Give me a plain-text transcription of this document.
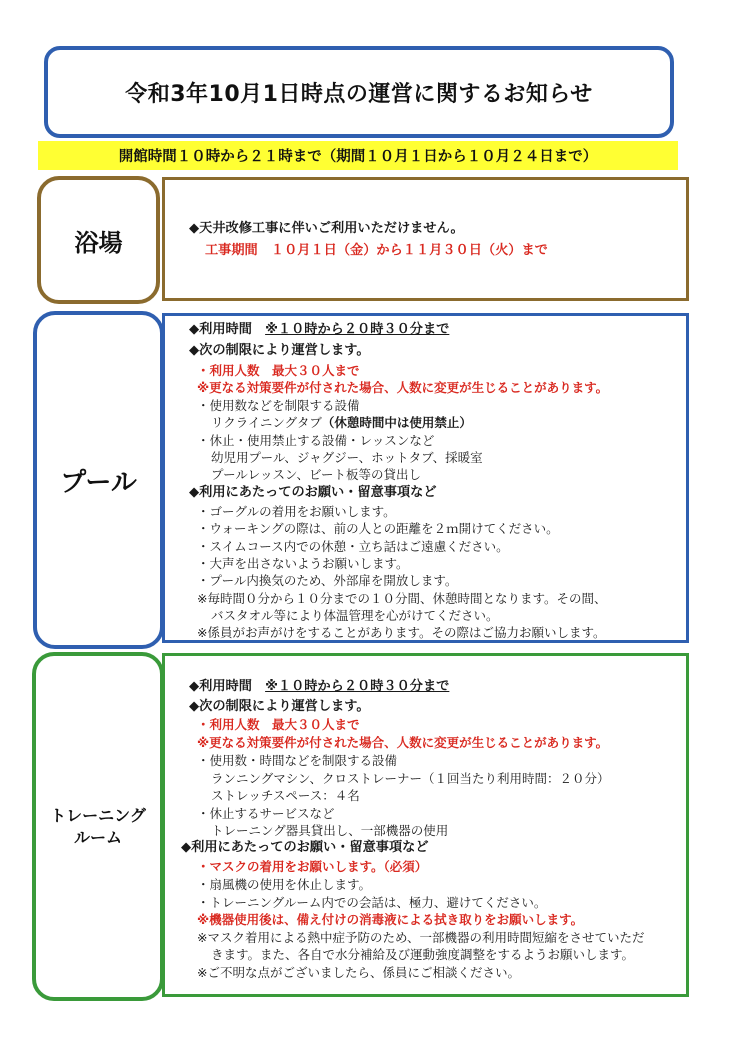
令和3年10月1日時点の運営に関するお知らせ
開館時間１０時から２１時まで（期間１０月１日から１０月２４日まで）
浴場	◆天井改修工事に伴いご利用いただけません。
工事期間　１０月１日（金）から１１月３０日（火）まで
プール
◆利用時間　※１０時から２０時３０分まで
◆次の制限により運営します。
・利用人数　最大３０人まで
※更なる対策要件が付された場合、人数に変更が生じることがあります。
・使用数などを制限する設備
リクライニングタブ（休憩時間中は使用禁止）
・休止・使用禁止する設備・レッスンなど
幼児用プール、ジャグジー、ホットタブ、採暖室
プールレッスン、ビート板等の貸出し
◆利用にあたってのお願い・留意事項など
・ゴーグルの着用をお願いします。
・ウォーキングの際は、前の人との距離を２ｍ開けてください。
・スイムコース内での休憩・立ち話はご遠慮ください。
・大声を出さないようお願いします。
・プール内換気のため、外部扉を開放します。
※毎時間０分から１０分までの１０分間、休憩時間となります。その間、
バスタオル等により体温管理を心がけてください。
※係員がお声がけをすることがあります。その際はご協力お願いします。
トレーニング
ルーム
◆利用時間　※１０時から２０時３０分まで
◆次の制限により運営します。
・利用人数　最大３０人まで
※更なる対策要件が付された場合、人数に変更が生じることがあります。
・使用数・時間などを制限する設備
ランニングマシン、クロストレーナー（１回当たり利用時間：２０分）
ストレッチスペース：４名
・休止するサービスなど
トレーニング器具貸出し、一部機器の使用
◆利用にあたってのお願い・留意事項など
・マスクの着用をお願いします。（必須）
・扇風機の使用を休止します。
・トレーニングルーム内での会話は、極力、避けてください。
※機器使用後は、備え付けの消毒液による拭き取りをお願いします。
※マスク着用による熱中症予防のため、一部機器の利用時間短縮をさせていただ
きます。また、各自で水分補給及び運動強度調整をするようお願いします。
※ご不明な点がございましたら、係員にご相談ください。
